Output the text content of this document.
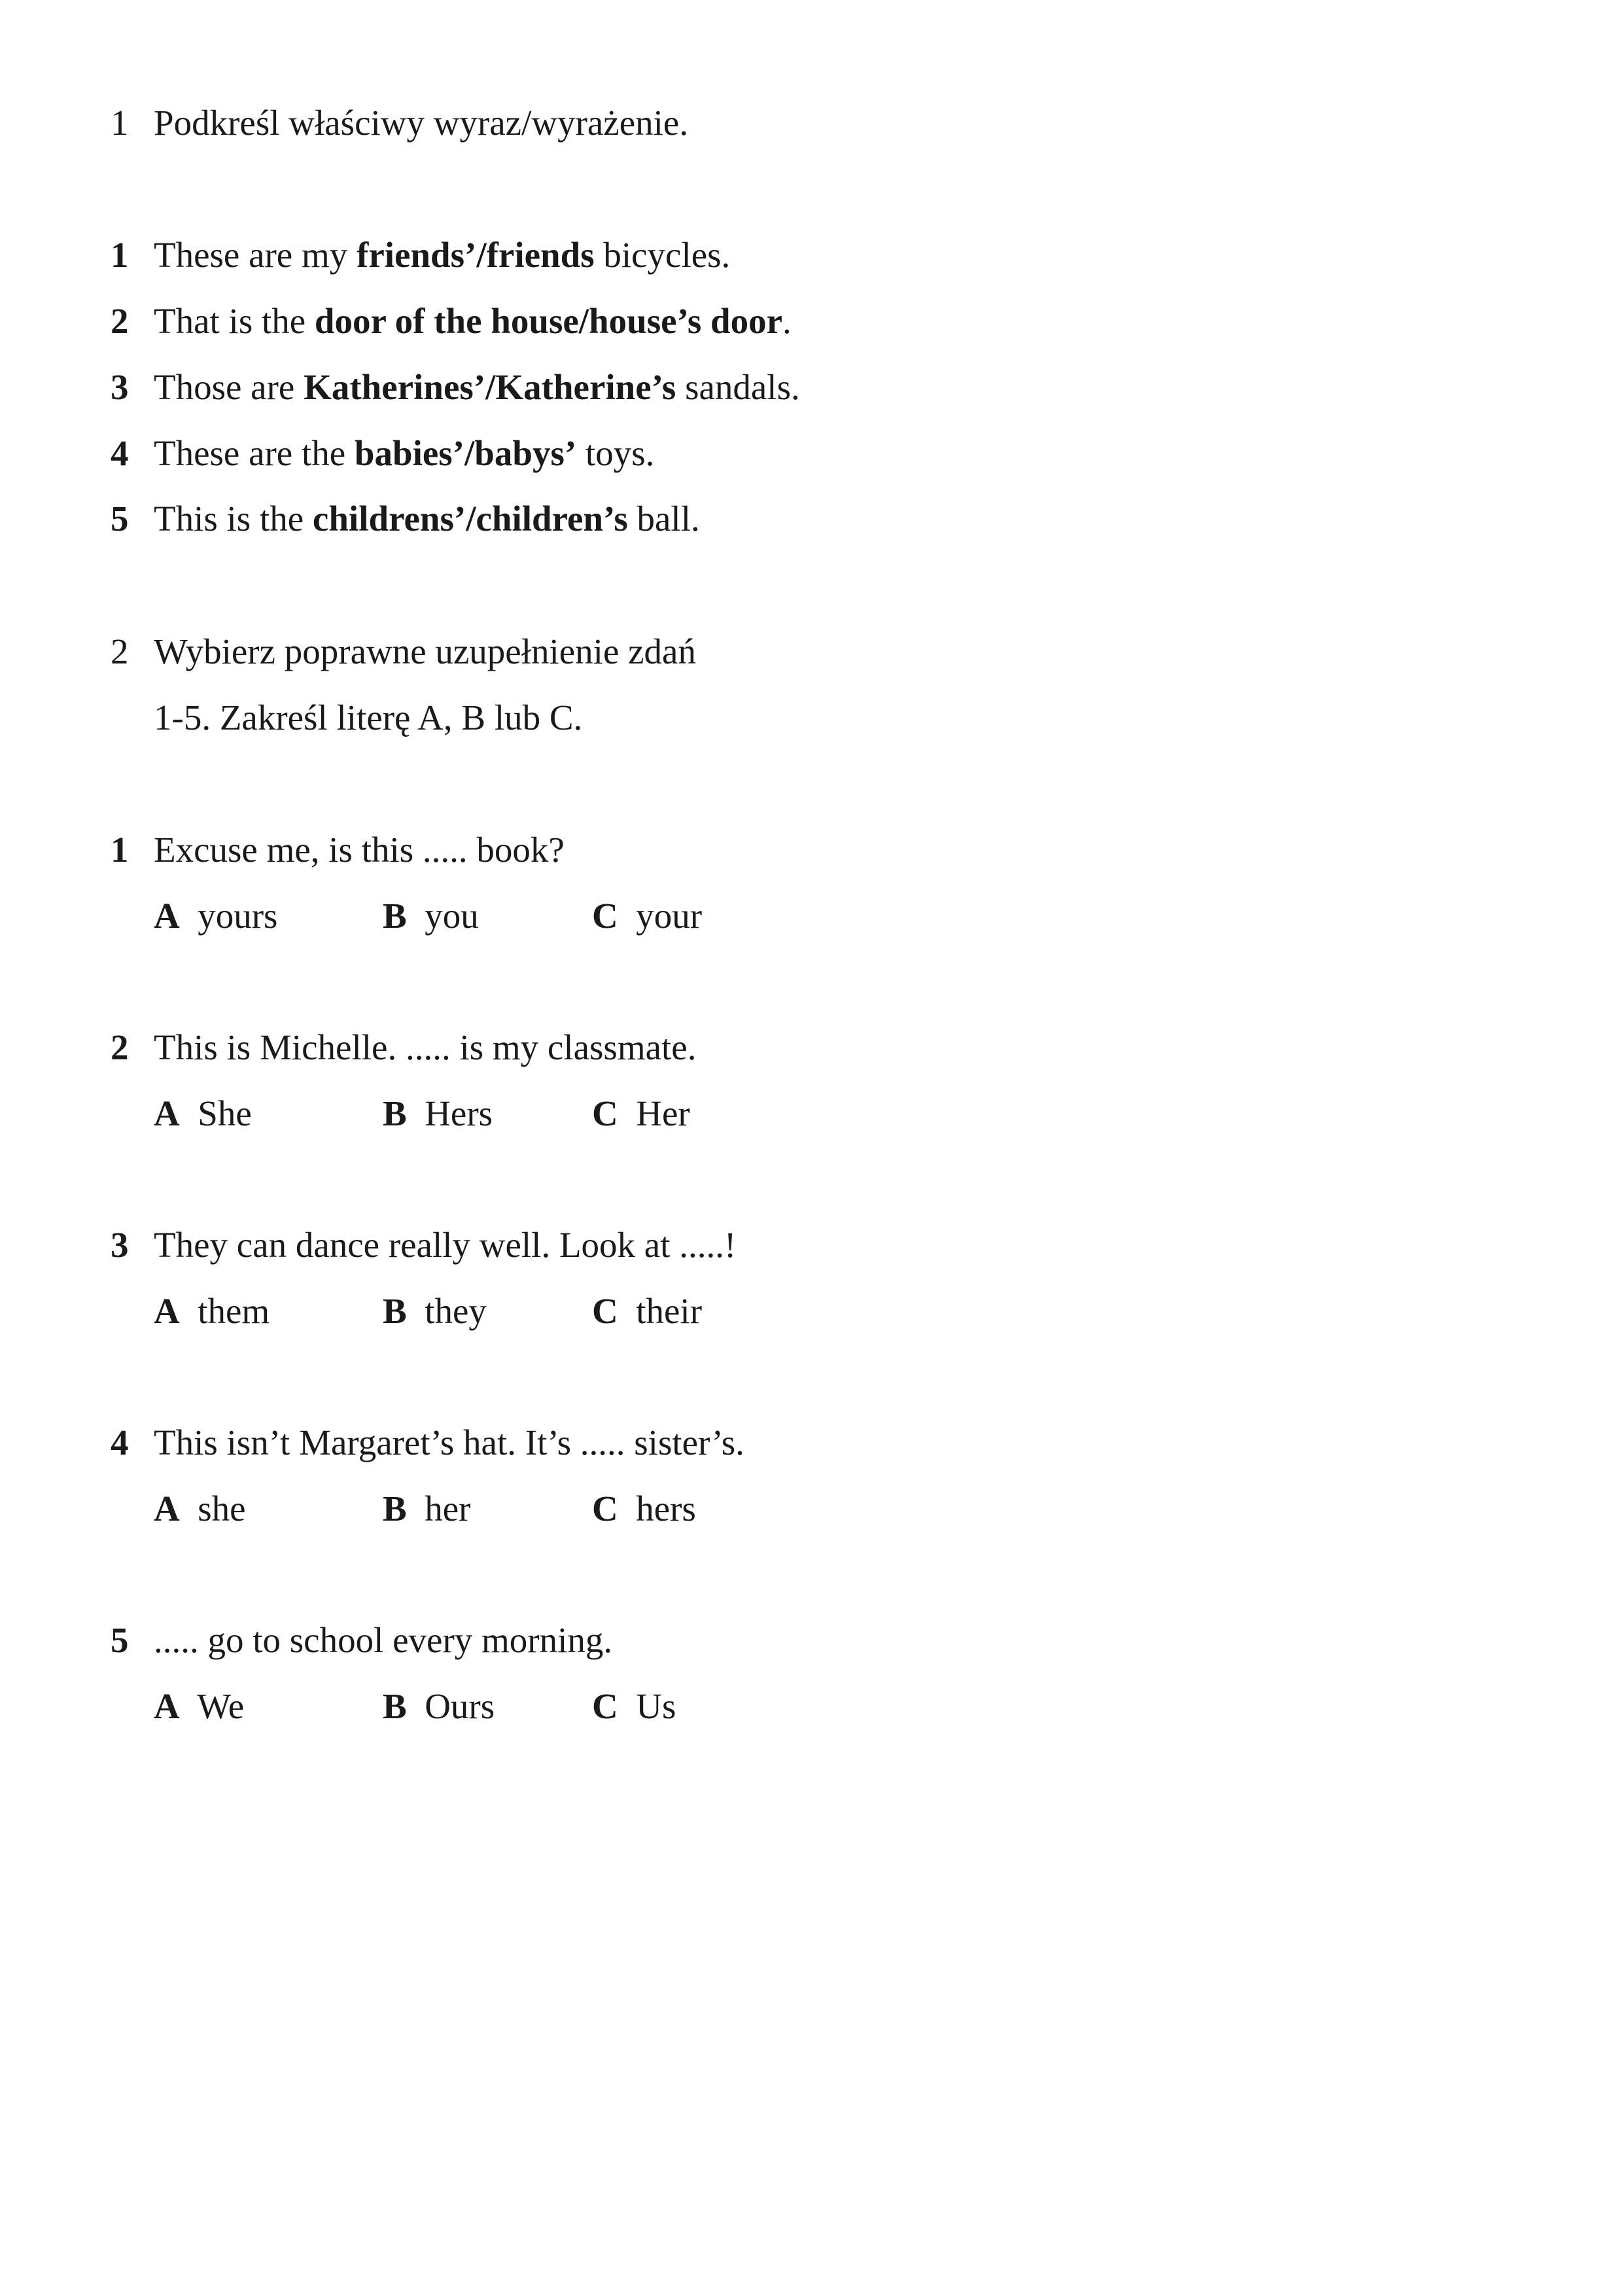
1 Podkreśl właściwy wyraz/wyrażenie.
1 These are my friends’/friends bicycles.
2 That is the door of the house/house’s door.
3 Those are Katherines’/Katherine’s sandals.
4 These are the babies’/babys’ toys.
5 This is the childrens’/children’s ball.
2 Wybierz poprawne uzupełnienie zdań
1-5. Zakreśl literę A, B lub C.
1 Excuse me, is this ..... book?
A yours	B you	C your
2 This is Michelle. ..... is my classmate.
A She	B Hers	C Her
3 They can dance really well. Look at .....!
A them	B they	C their
4 This isn’t Margaret’s hat. It’s ..... sister’s.
A she	B her	C hers
5 ..... go to school every morning.
A We	B Ours	C Us
